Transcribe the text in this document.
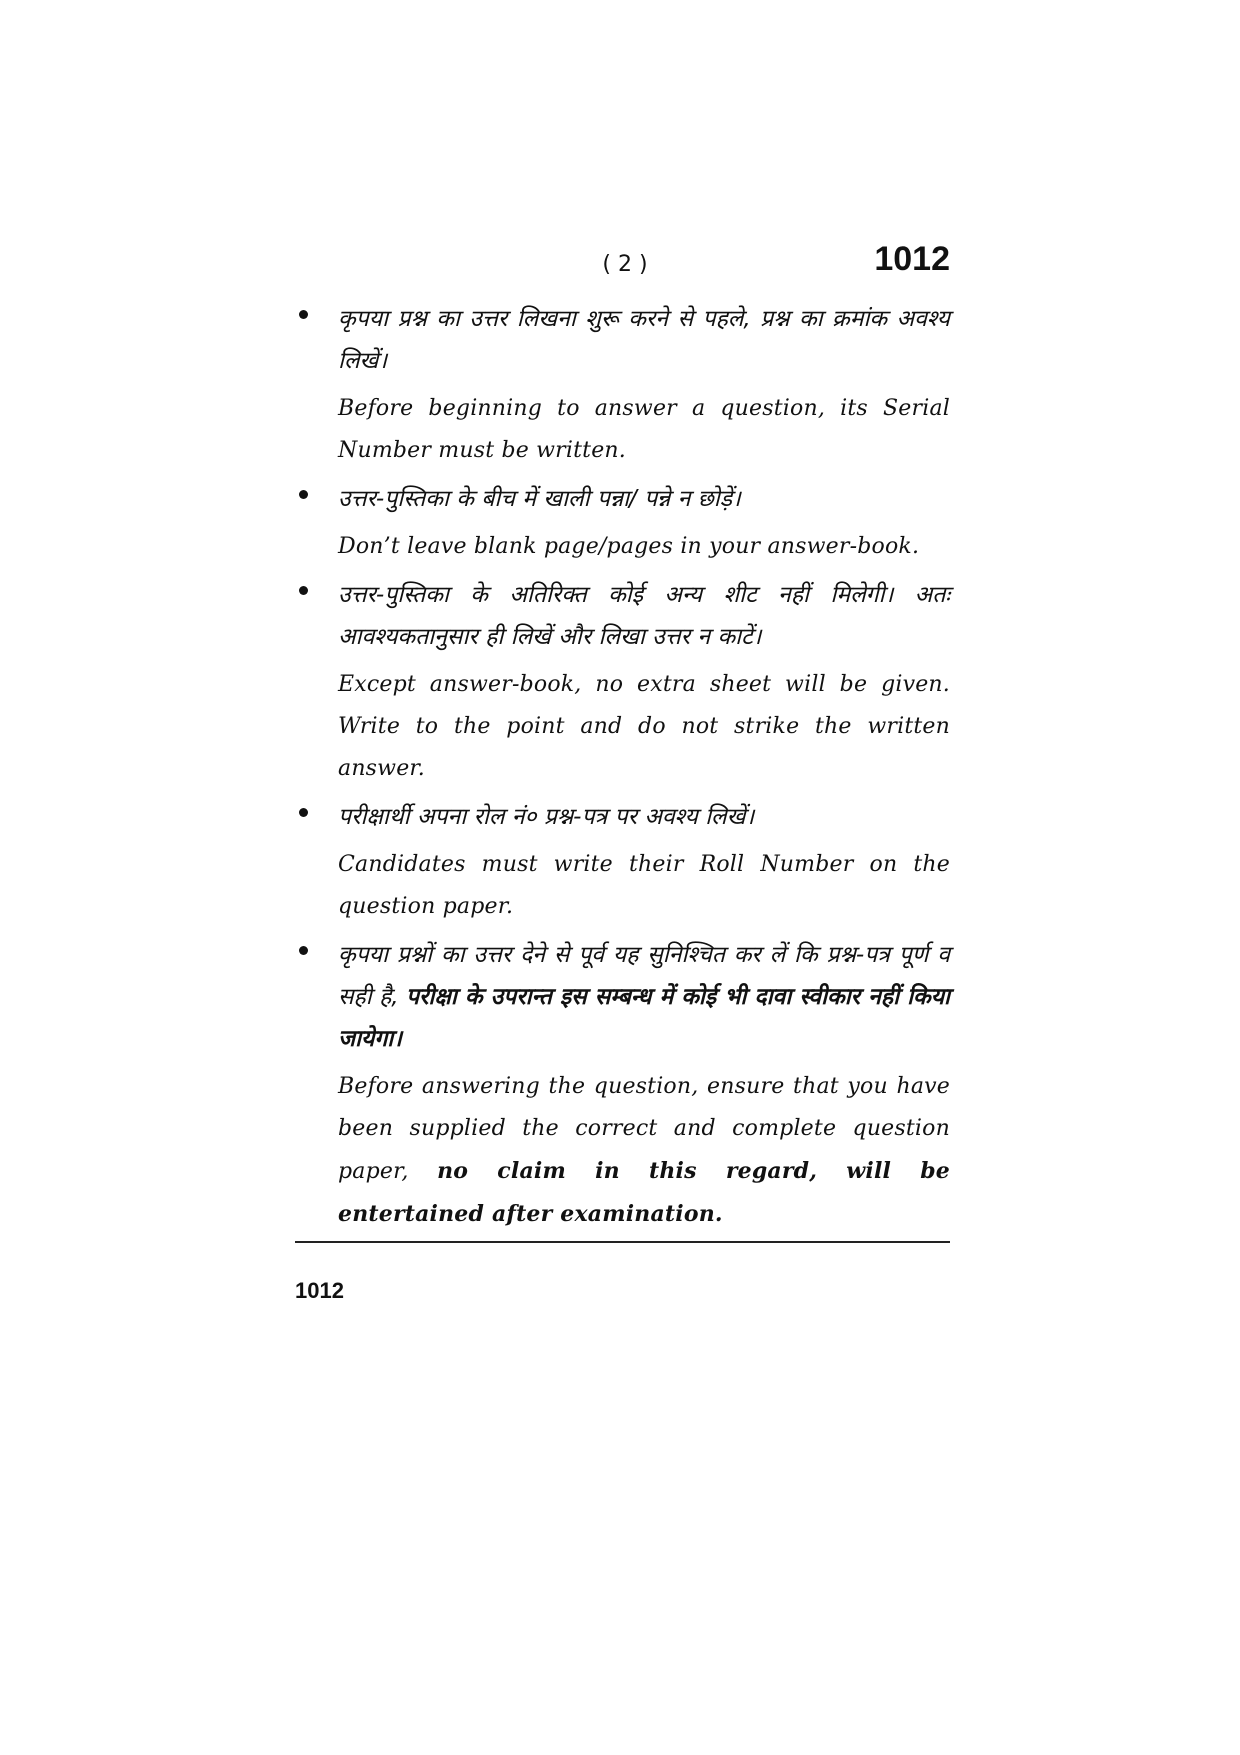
( 2 )	1012

कृपया प्रश्न का उत्तर लिखना शुरू करने से पहले, प्रश्न का क्रमांक अवश्य लिखें।

Before beginning to answer a question, its Serial Number must be written.

उत्तर-पुस्तिका के बीच में खाली पन्ना/ पन्ने न छोड़ें।

Don’t leave blank page/pages in your answer-book.

उत्तर-पुस्तिका के अतिरिक्त कोई अन्य शीट नहीं मिलेगी। अतः आवश्यकतानुसार ही लिखें और लिखा उत्तर न काटें।

Except answer-book, no extra sheet will be given. Write to the point and do not strike the written answer.

परीक्षार्थी अपना रोल नं० प्रश्न-पत्र पर अवश्य लिखें।

Candidates must write their Roll Number on the question paper.

कृपया प्रश्नों का उत्तर देने से पूर्व यह सुनिश्चित कर लें कि प्रश्न-पत्र पूर्ण व सही है, परीक्षा के उपरान्त इस सम्बन्ध में कोई भी दावा स्वीकार नहीं किया जायेगा।

Before answering the question, ensure that you have been supplied the correct and complete question paper, no claim in this regard, will be entertained after examination.

1012
